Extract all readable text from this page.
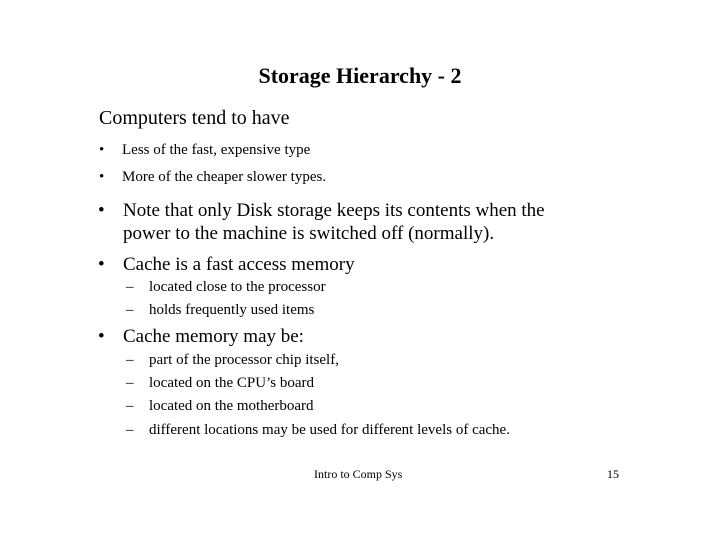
Storage Hierarchy - 2
Computers tend to have
•	Less of the fast, expensive type
•	More of the cheaper slower types.
• Note that only Disk storage keeps its contents when the
power to the machine is switched off (normally).
• Cache is a fast access memory
– located close to the processor
– holds frequently used items
• Cache memory may be:
– part of the processor chip itself,
– located on the CPU’s board
– located on the motherboard
– different locations may be used for different levels of cache.
Intro to Comp Sys	15
